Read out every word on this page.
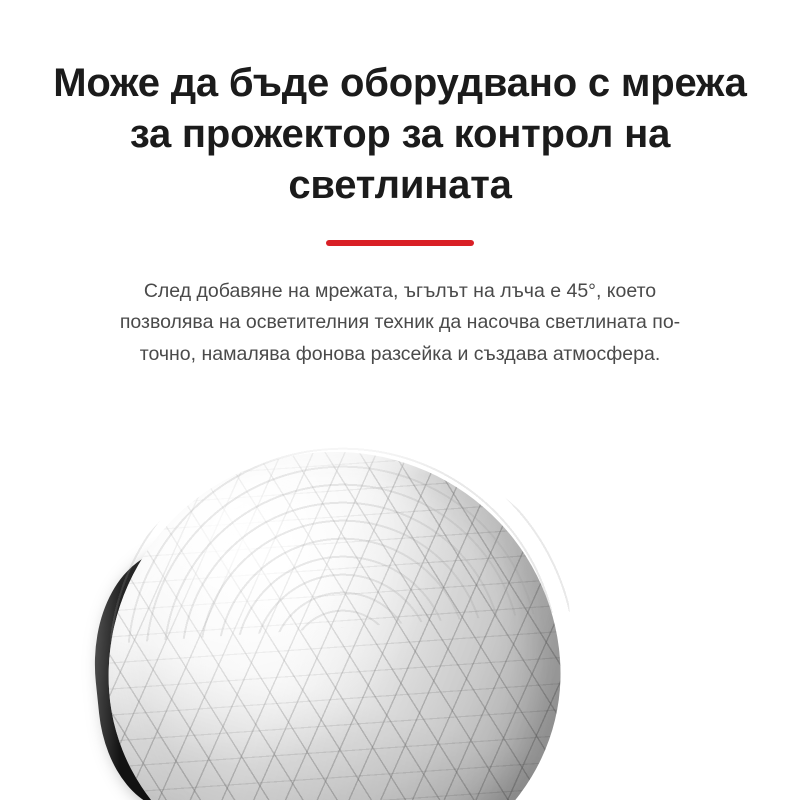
Може да бъде оборудвано с мрежа за прожектор за контрол на светлината

След добавяне на мрежата, ъгълът на лъча е 45°, което позволява на осветителния техник да насочва светлината по-точно, намалява фонова разсейка и създава атмосфера.
